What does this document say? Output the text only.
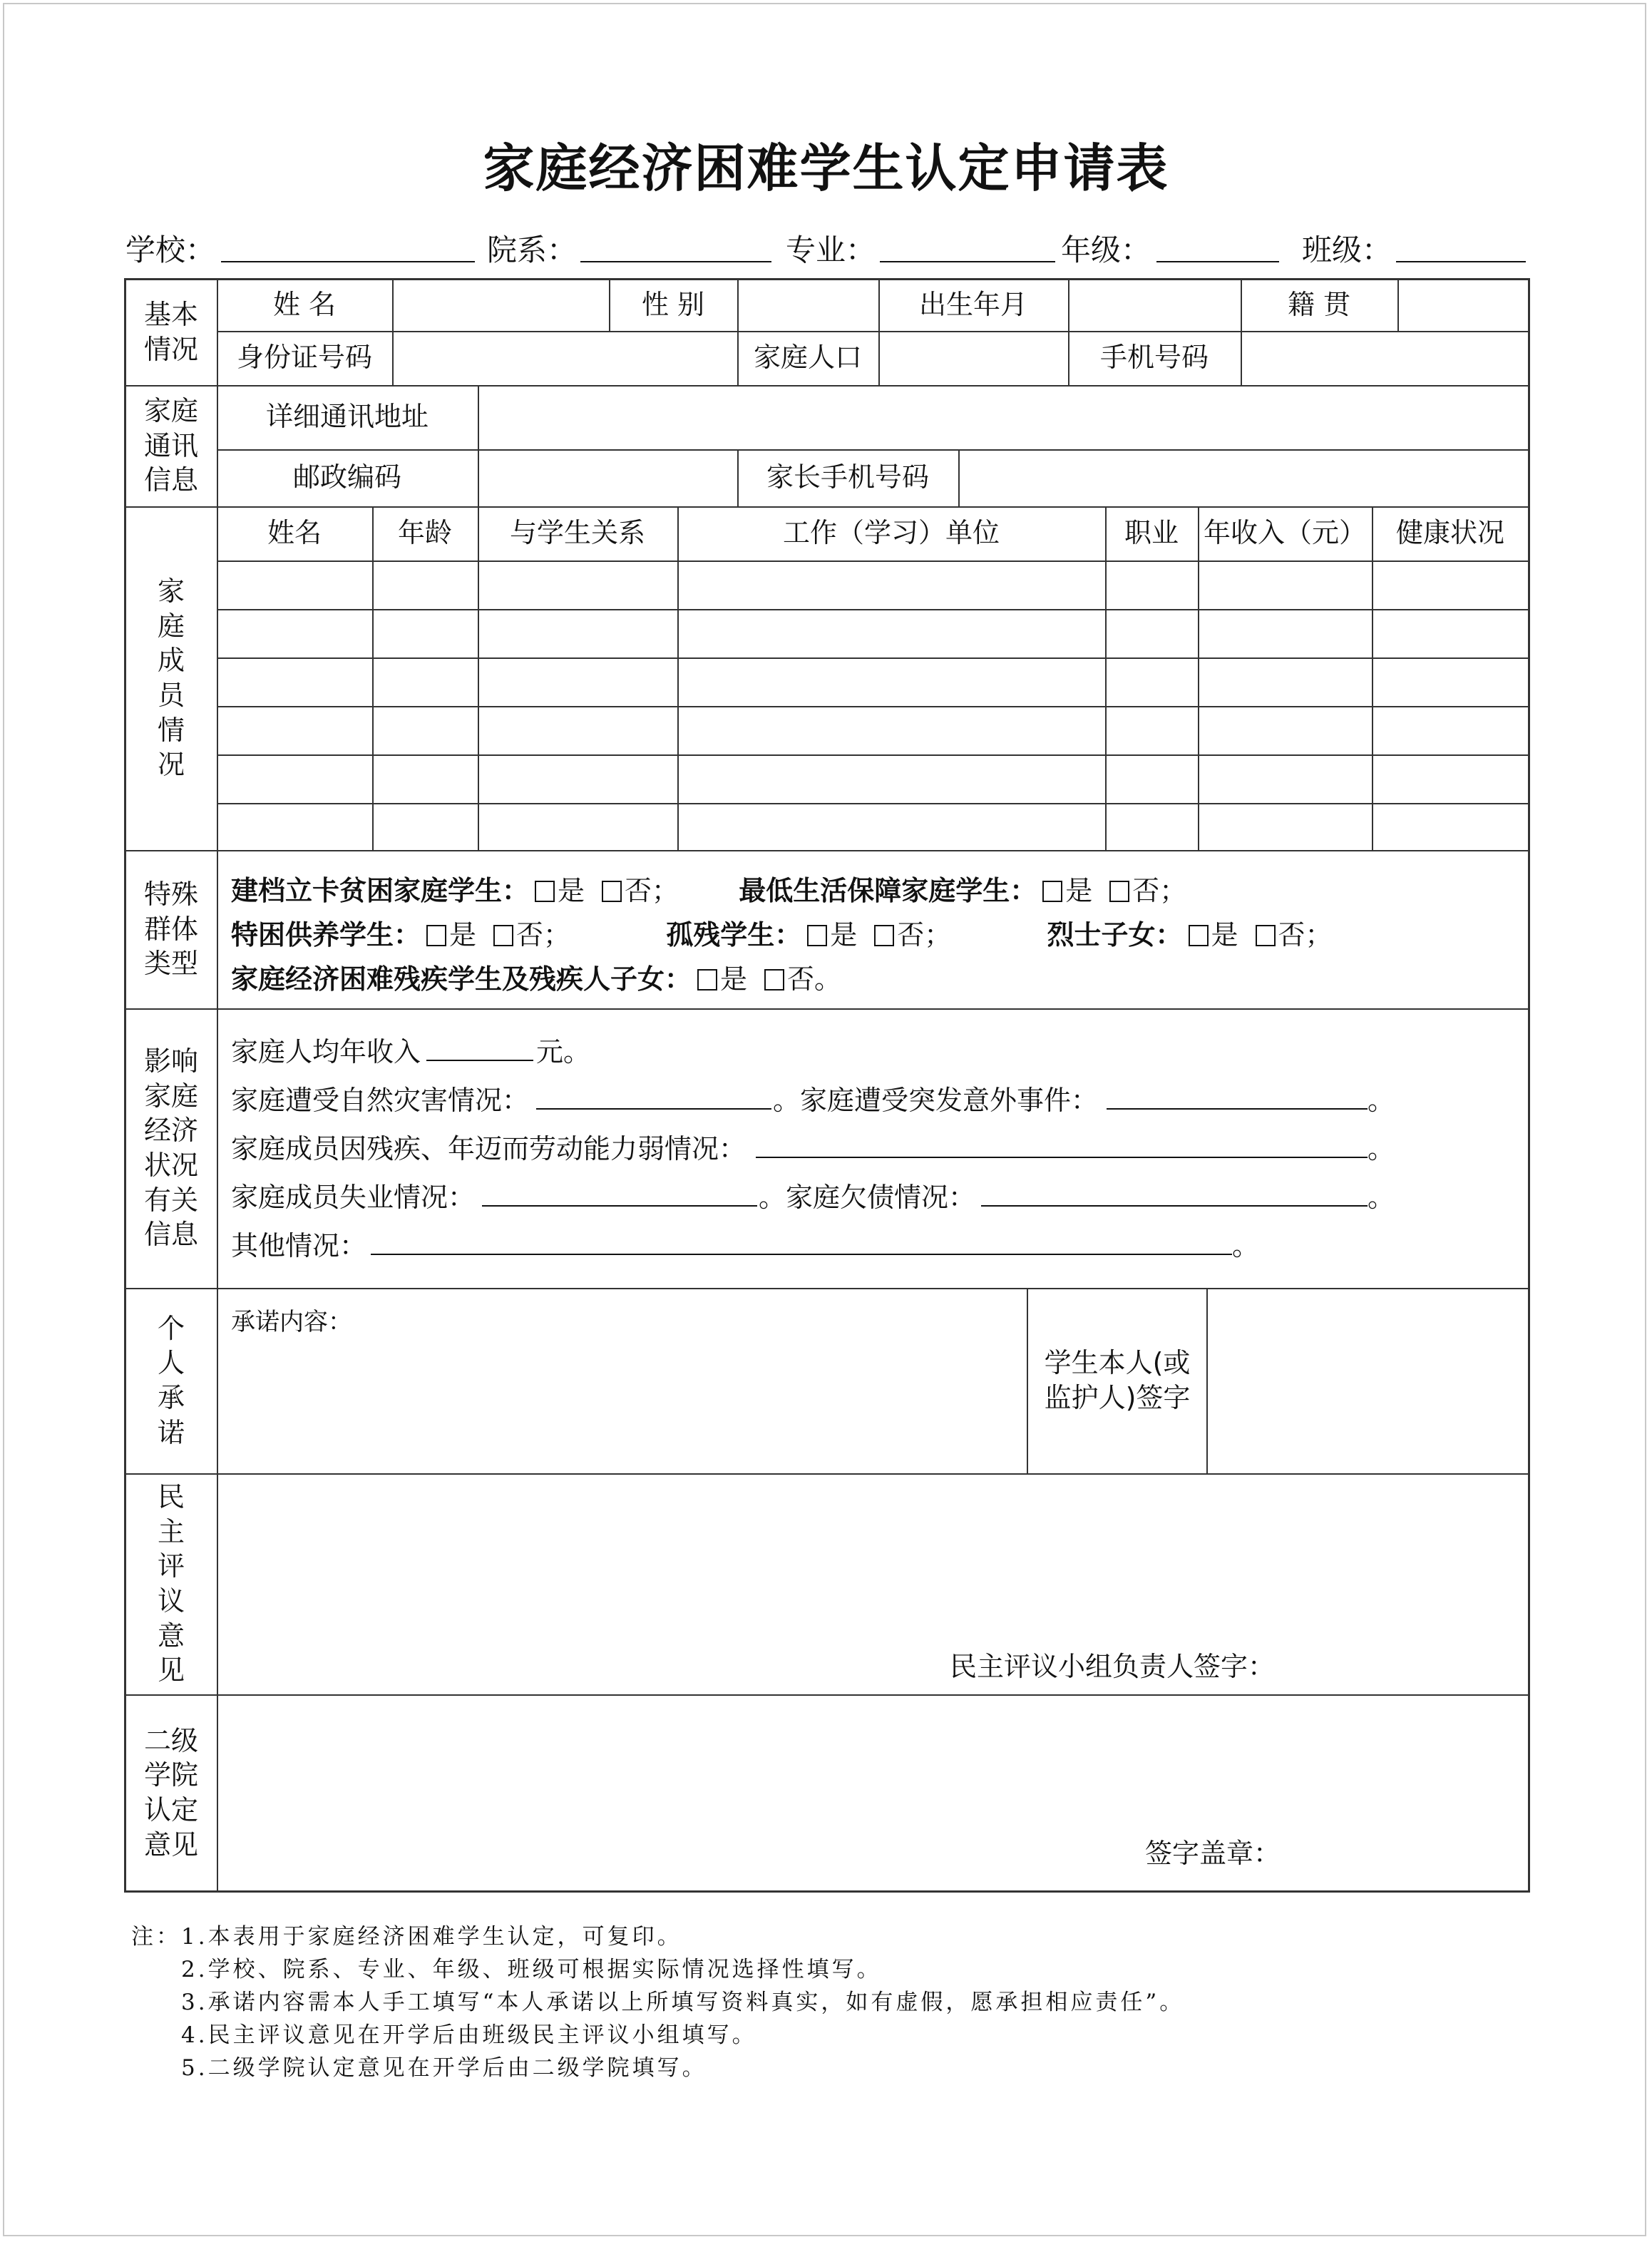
家庭经济困难学生认定申请表
学校：	院系：	专业：	年级：	班级：
基本情况
姓 名	性 别	出生年月	籍 贯
身份证号码	家庭人口	手机号码
家庭通讯信息
详细通讯地址
邮政编码	家长手机号码
家庭成员情况
姓名	年龄	与学生关系	工作（学习）单位	职业 年收入（元）	健康状况
特殊群体类型
建档立卡贫困家庭学生： 是 否； 最低生活保障家庭学生： 是 否；
特困供养学生： 是 否；	孤残学生： 是 否；	烈士子女： 是 否；
家庭经济困难残疾学生及残疾人子女： 是 否。
影响家庭经济状况有关信息
家庭人均年收入	元。
家庭遭受自然灾害情况：	。家庭遭受突发意外事件：	。
家庭成员因残疾、年迈而劳动能力弱情况：	。
家庭成员失业情况：	。家庭欠债情况：	。
其他情况：	。
个人承诺
承诺内容：
学生本人(或
监护人)签字
民主评议意见	民主评议小组负责人签字：
二级学院认定意见	签字盖章：
注：1.本表用于家庭经济困难学生认定，可复印。
2.学校、院系、专业、年级、班级可根据实际情况选择性填写。
3.承诺内容需本人手工填写“本人承诺以上所填写资料真实，如有虚假，愿承担相应责任”。
4.民主评议意见在开学后由班级民主评议小组填写。
5.二级学院认定意见在开学后由二级学院填写。
